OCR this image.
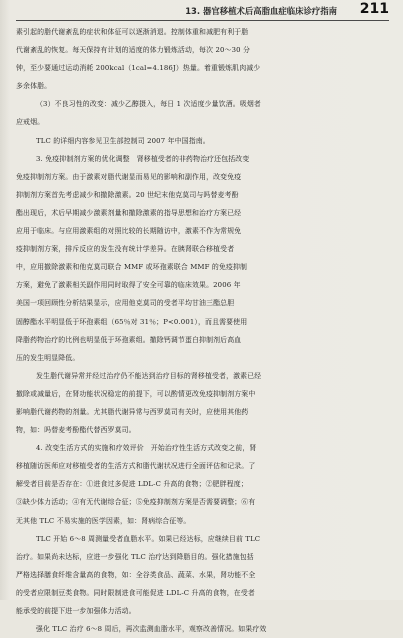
13. 器官移植术后高脂血症临床诊疗指南 211
素引起的脂代谢紊乱的症状和体征可以逐渐消退。控制体重和减肥有利于脂
代谢紊乱的恢复。每天保持有计划的适度的体力锻炼活动，每次 20～30 分
钟，至少要通过运动消耗 200kcal（1cal=4.186J）热量。着重锻炼肌肉减少
多余体脂。
（3）不良习性的改变：减少乙醇摄入，每日 1 次适度少量饮酒。吸烟者
应戒烟。
TLC 的详细内容参见卫生部控制司 2007 年中国指南。
3. 免疫抑制剂方案的优化调整　肾移植受者的非药物治疗还包括改变
免疫抑制剂方案。由于激素对脂代谢显而易见的影响和副作用，改变免疫
抑制剂方案首先考虑减少和撤除激素。20 世纪末他克莫司与吗替麦考酚
酯出现后，术后早期减少激素剂量和撤除激素的指导思想和治疗方案已经
应用于临床。与应用激素组的对照比较的长期随访中，激素不作为常规免
疫抑制剂方案，排斥反应的发生没有统计学差异。在胰肾联合移植受者
中，应用撤除激素和他克莫司联合 MMF 或环孢素联合 MMF 的免疫抑制
方案，避免了激素相关副作用同时取得了安全可靠的临床效果。2006 年
美国一项回顾性分析结果显示，应用他克莫司的受者平均甘油三酯总胆
固醇酯水平明显低于环孢素组（65％对 31％；P<0.001），而且需要使用
降脂药物治疗的比例也明显低于环孢素组。撤除钙调节蛋白抑制剂后高血
压的发生明显降低。
发生脂代谢异常并经过治疗仍不能达到治疗目标的肾移植受者，激素已经
撤除或减量后，在肾功能状况稳定的前提下，可以酌情更改免疫抑制剂方案中
影响脂代谢药物的剂量。尤其脂代谢异常与西罗莫司有关时，应使用其他药
物，如：吗替麦考酚酯代替西罗莫司。
4. 改变生活方式的实施和疗效评价　开始治疗性生活方式改变之前，肾
移植随访医师应对移植受者的生活方式和脂代谢状况进行全面评估和记录。了
解受者目前是否存在：①进食过多促进 LDL-C 升高的食物；②肥胖程度；
③缺少体力活动；④有无代谢综合征；⑤免疫抑制剂方案是否需要调整；⑥有
无其他 TLC 不易实施的医学因素，如：肾病综合征等。
TLC 开始 6～8 周测量受者血脂水平。如果已经达标，应继续目前 TLC
治疗。如果尚未达标，应进一步强化 TLC 治疗达到降脂目的。强化措施包括
严格选择膳食纤维含量高的食物，如：全谷类食品、蔬菜、水果，肾功能不全
的受者应限制豆类食物。同时限制进食可能促进 LDL-C 升高的食物，在受者
能承受的前提下进一步加强体力活动。
强化 TLC 治疗 6～8 周后，再次监测血脂水平，观察改善情况。如果疗效
